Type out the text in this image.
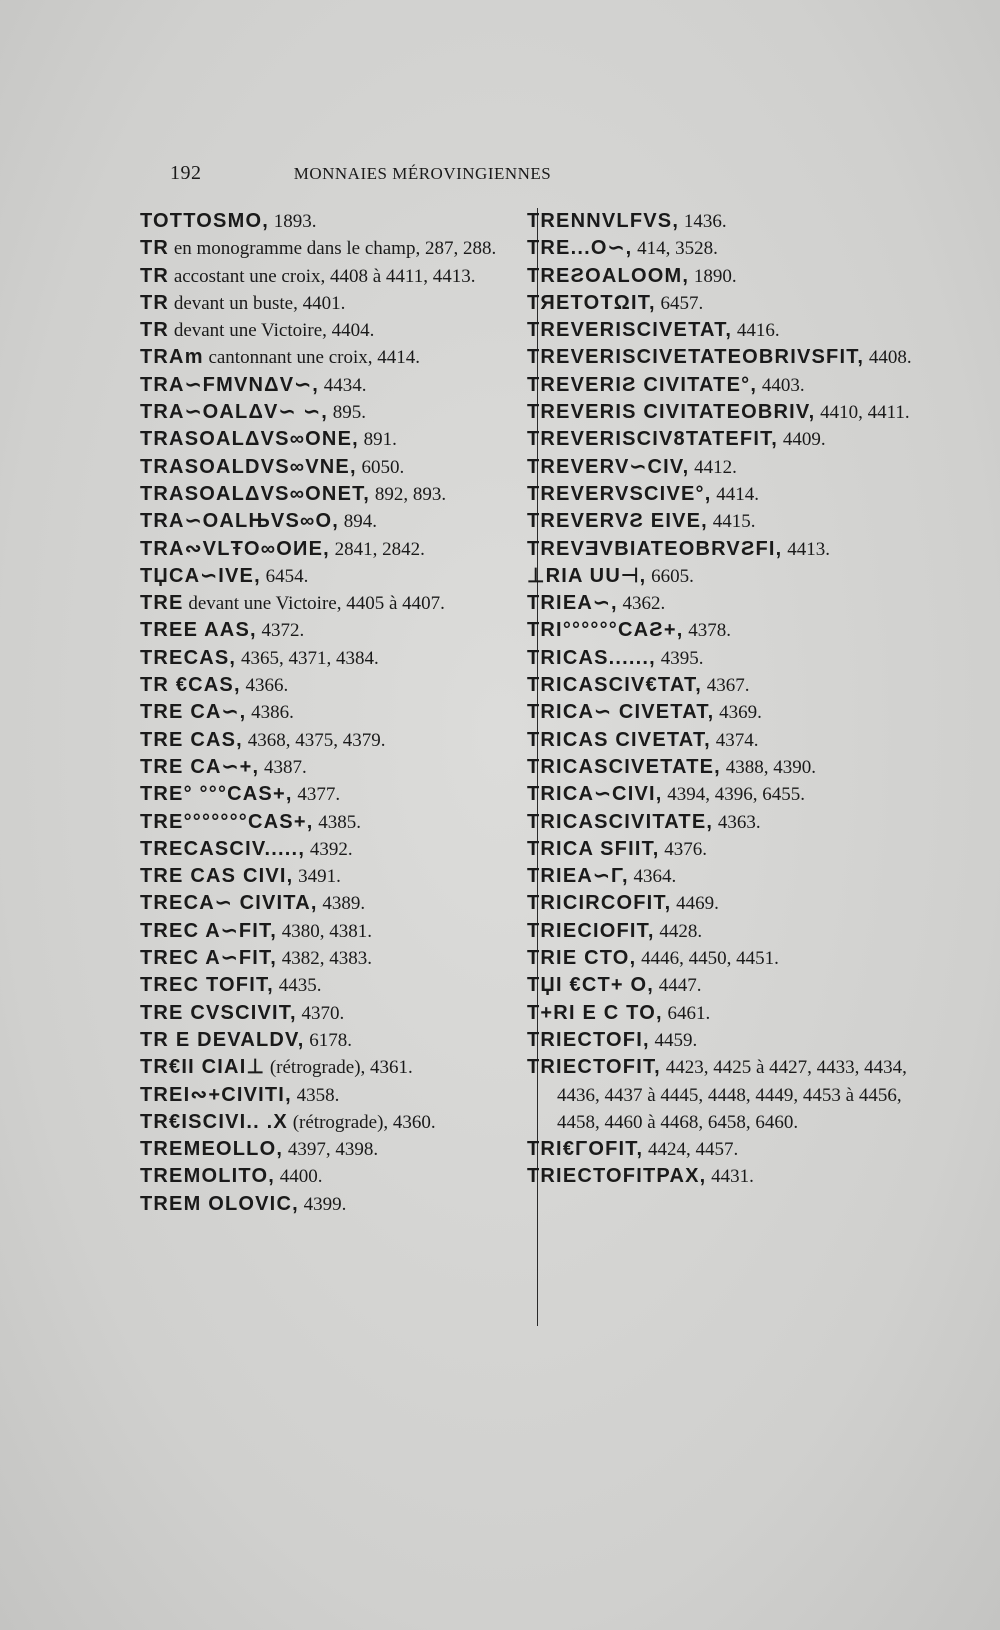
192	MONNAIES MÉROVINGIENNES
TOTTOSMO, 1893.
TR en monogramme dans le champ, 287, 288.
TR accostant une croix, 4408 à 4411, 4413.
TR devant un buste, 4401.
TR devant une Victoire, 4404.
TRAm cantonnant une croix, 4414.
TRA∽FMVNΔV∽, 4434.
TRA∽OALΔV∽ ∽, 895.
TRASOALΔVS∞ONE, 891.
TRASOALDVS∞VNE, 6050.
TRASOALΔVS∞ONET, 892, 893.
TRA∽OALЊVS∞O, 894.
TRA∾VLŦO∞OИE, 2841, 2842.
TЏCA∽IVE, 6454.
TRE devant une Victoire, 4405 à 4407.
TREE AAS, 4372.
TRECAS, 4365, 4371, 4384.
TR €CAS, 4366.
TRE CA∽, 4386.
TRE CAS, 4368, 4375, 4379.
TRE CA∽+, 4387.
TRE° °°°CAS+, 4377.
TRE°°°°°°°CAS+, 4385.
TRECASCIV....., 4392.
TRE CAS CIVI, 3491.
TRECA∽ CIVITA, 4389.
TREC A∽FIT, 4380, 4381.
TREC A∽FIT, 4382, 4383.
TREC TOFIT, 4435.
TRE CVSCIVIT, 4370.
TR E DEVALDV, 6178.
TR€II CIAI⊥ (rétrograde), 4361.
TREI∾+CIVITI, 4358.
TR€ISCIVI.. .X (rétrograde), 4360.
TREMEOLLO, 4397, 4398.
TREMOLITO, 4400.
TREM OLOVIC, 4399.
TRENNVLFVS, 1436.
TRE...O∽, 414, 3528.
TREƧOALOOM, 1890.
TЯETOTΩIT, 6457.
TREVERISCIVETAT, 4416.
TREVERISCIVETATEOBRIVSFIT, 4408.
TREVERIƧ CIVITATE°, 4403.
TREVERIS CIVITATEOBRIV, 4410, 4411.
TREVERISCIV8TATEFIT, 4409.
TREVERV∽CIV, 4412.
TREVERVSCIVE°, 4414.
TREVERVƧ EIVE, 4415.
TREVƎVBIATEOBRVƧFI, 4413.
⊥RIA UU⊣, 6605.
TRIEA∽, 4362.
TRI°°°°°°CAƧ+, 4378.
TRICAS......, 4395.
TRICASCIV€TAT, 4367.
TRICA∽ CIVETAT, 4369.
TRICAS CIVETAT, 4374.
TRICASCIVETATE, 4388, 4390.
TRICA∽CIVI, 4394, 4396, 6455.
TRICASCIVITATE, 4363.
TRICA SFIIT, 4376.
TRIEA∽Γ, 4364.
TRICIRCOFIT, 4469.
TRIECIOFIT, 4428.
TRIE CTO, 4446, 4450, 4451.
TЏI €CT+ O, 4447.
T+RI E C TO, 6461.
TRIECTOFI, 4459.
TRIECTOFIT, 4423, 4425 à 4427, 4433, 4434, 4436, 4437 à 4445, 4448, 4449, 4453 à 4456, 4458, 4460 à 4468, 6458, 6460.
TRI€ΓOFIT, 4424, 4457.
TRIECTOFITPAX, 4431.
